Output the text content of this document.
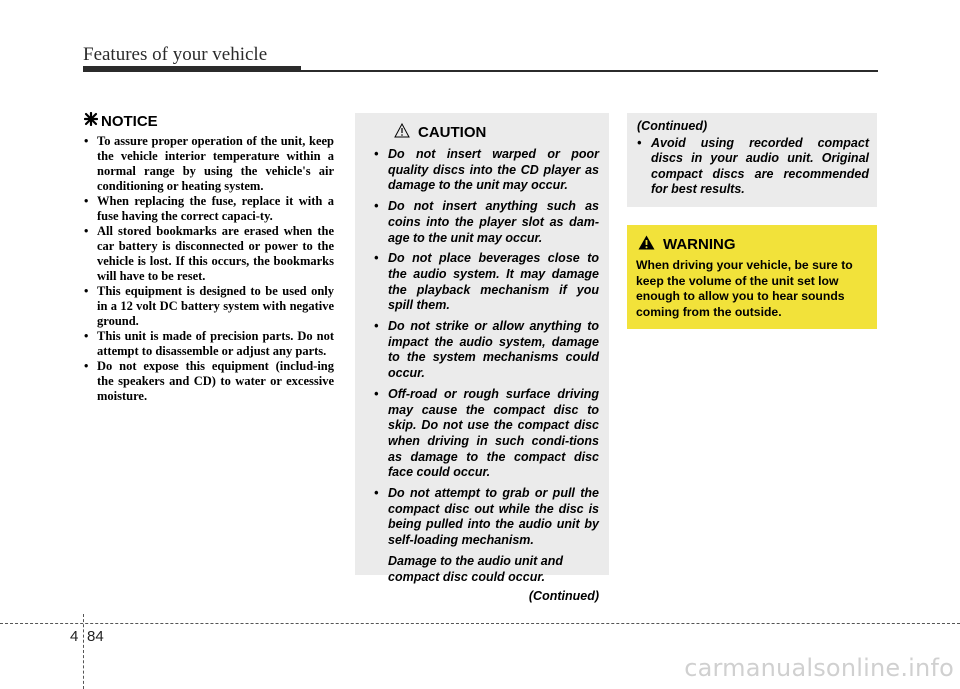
Features of your vehicle
NOTICE
• To assure proper operation of the unit, keep the vehicle interior temperature within a normal range by using the vehicle's air conditioning or heating system.
• When replacing the fuse, replace it with a fuse having the correct capaci-ty.
• All stored bookmarks are erased when the car battery is disconnected or power to the vehicle is lost. If this occurs, the bookmarks will have to be reset.
• This equipment is designed to be used only in a 12 volt DC battery system with negative ground.
• This unit is made of precision parts. Do not attempt to disassemble or adjust any parts.
• Do not expose this equipment (includ-ing the speakers and CD) to water or excessive moisture.
CAUTION
• Do not insert warped or poor quality discs into the CD player as damage to the unit may occur.
• Do not insert anything such as coins into the player slot as dam-age to the unit may occur.
• Do not place beverages close to the audio system. It may damage the playback mechanism if you spill them.
• Do not strike or allow anything to impact the audio system, damage to the system mechanisms could occur.
• Off-road or rough surface driving may cause the compact disc to skip. Do not use the compact disc when driving in such condi-tions as damage to the compact disc face could occur.
• Do not attempt to grab or pull the compact disc out while the disc is being pulled into the audio unit by self-loading mechanism.

Damage to the audio unit and compact disc could occur.

(Continued)
(Continued)
• Avoid using recorded compact discs in your audio unit. Original compact discs are recommended for best results.
WARNING

When driving your vehicle, be sure to keep the volume of the unit set low enough to allow you to hear sounds coming from the outside.

4 84
carmanualsonline.info
